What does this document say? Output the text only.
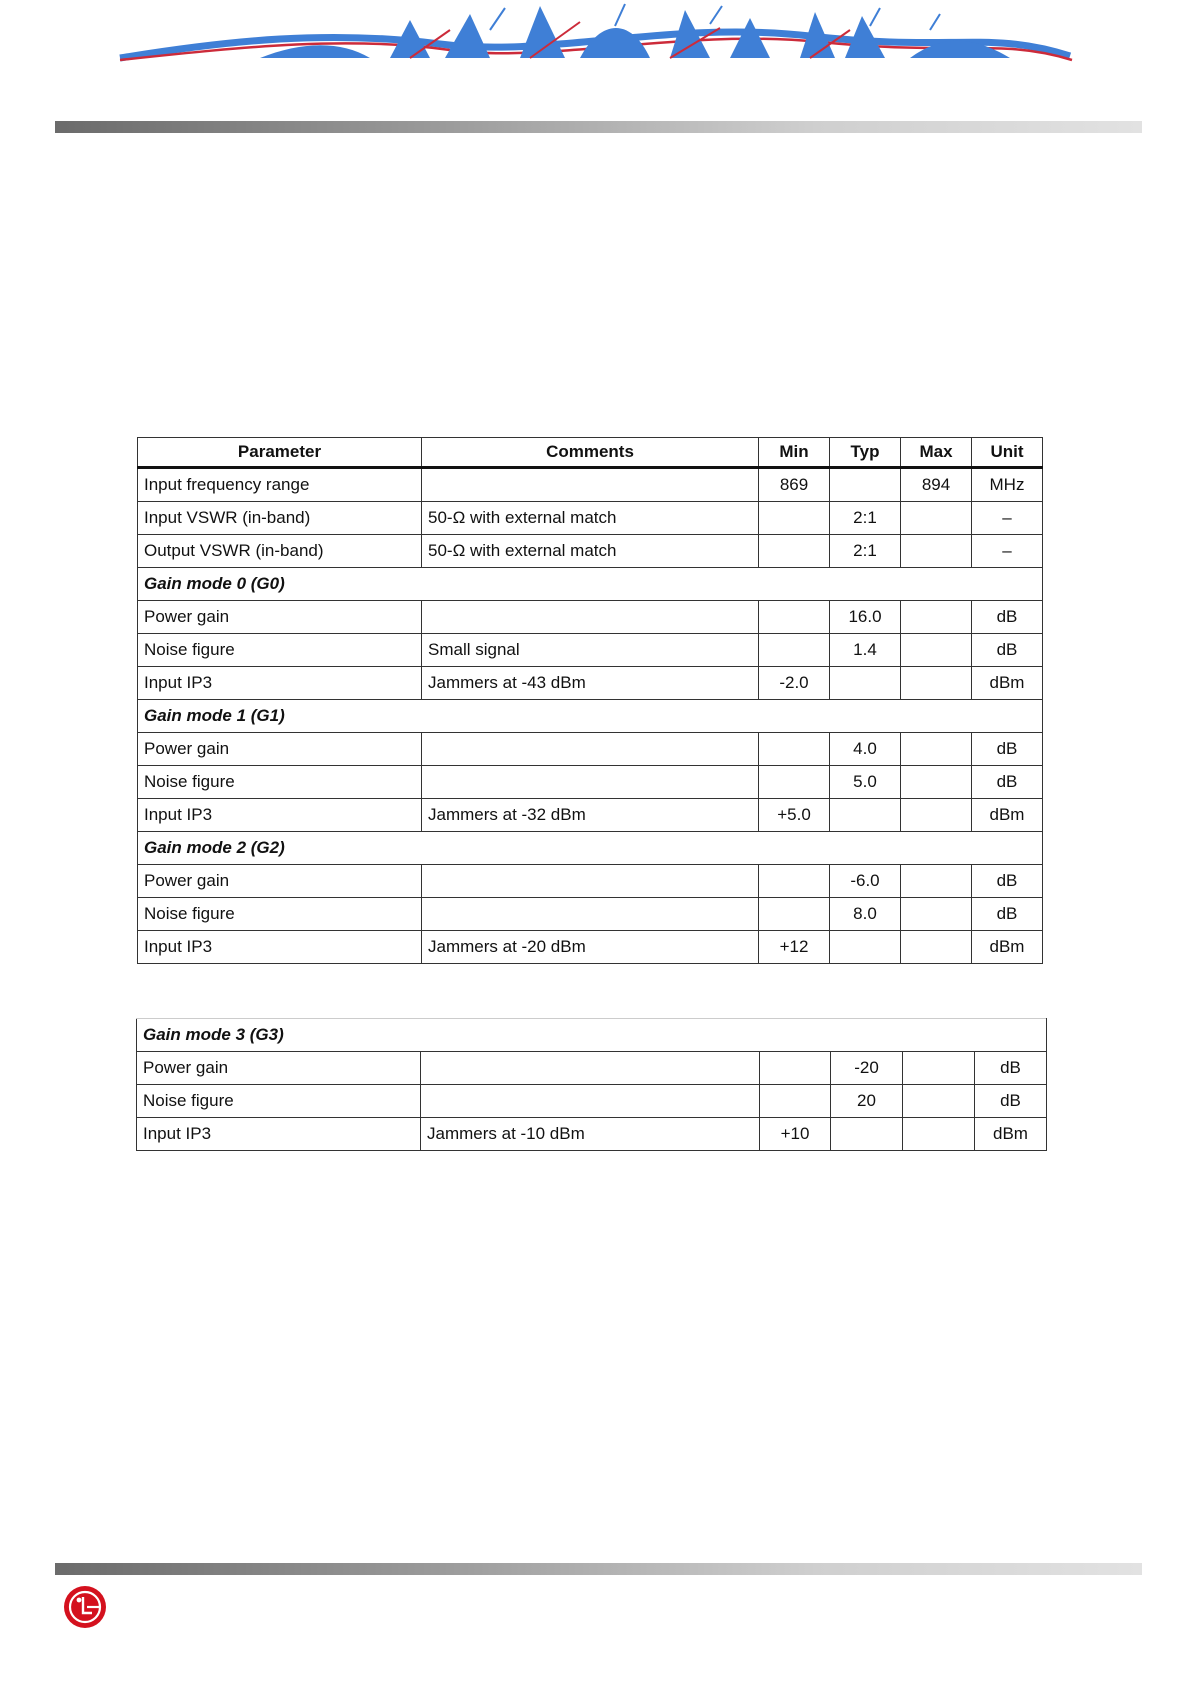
Parameter	Comments	Min	Typ	Max	Unit
Input frequency range		869		894	MHz
Input VSWR (in-band)	50-Ω with external match		2:1		–
Output VSWR (in-band)	50-Ω with external match		2:1		–
Gain mode 0 (G0)					
Power gain			16.0		dB
Noise figure	Small signal		1.4		dB
Input IP3	Jammers at -43 dBm	-2.0			dBm
Gain mode 1 (G1)					
Power gain			4.0		dB
Noise figure			5.0		dB
Input IP3	Jammers at -32 dBm	+5.0			dBm
Gain mode 2 (G2)					
Power gain			-6.0		dB
Noise figure			8.0		dB
Input IP3	Jammers at -20 dBm	+12			dBm
Gain mode 3 (G3)					
Power gain			-20		dB
Noise figure			20		dB
Input IP3	Jammers at -10 dBm	+10			dBm
